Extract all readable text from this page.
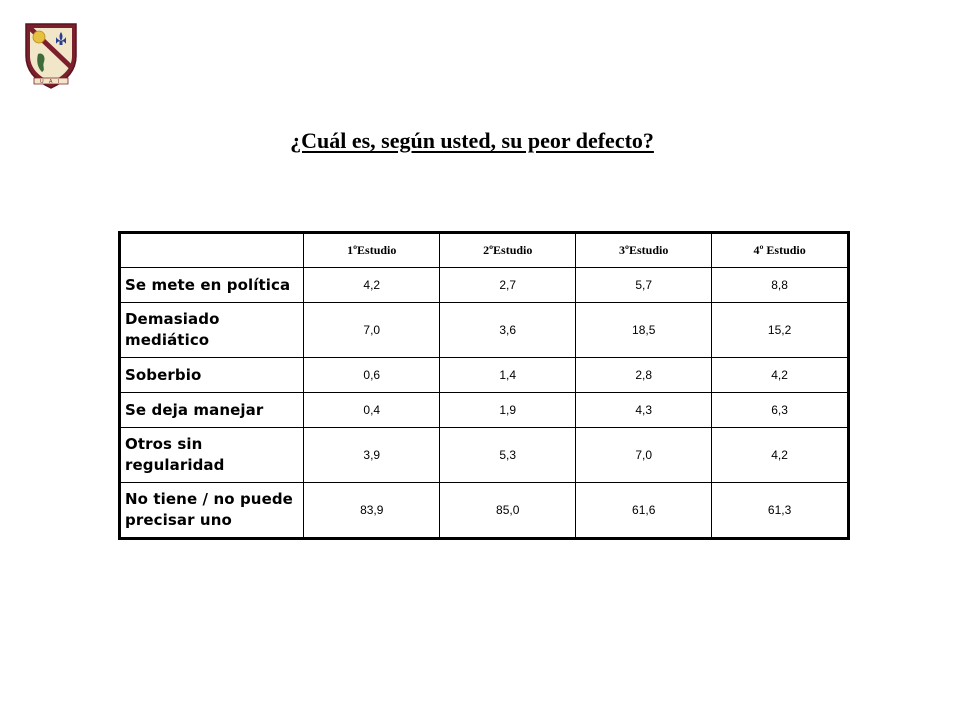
U A I
¿Cuál es, según usted, su peor defecto?
	1ºEstudio	2ºEstudio	3ºEstudio	4º Estudio
Se mete en política	4,2	2,7	5,7	8,8
Demasiado mediático	7,0	3,6	18,5	15,2
Soberbio	0,6	1,4	2,8	4,2
Se deja manejar	0,4	1,9	4,3	6,3
Otros sin regularidad	3,9	5,3	7,0	4,2
No tiene / no puede precisar uno	83,9	85,0	61,6	61,3
